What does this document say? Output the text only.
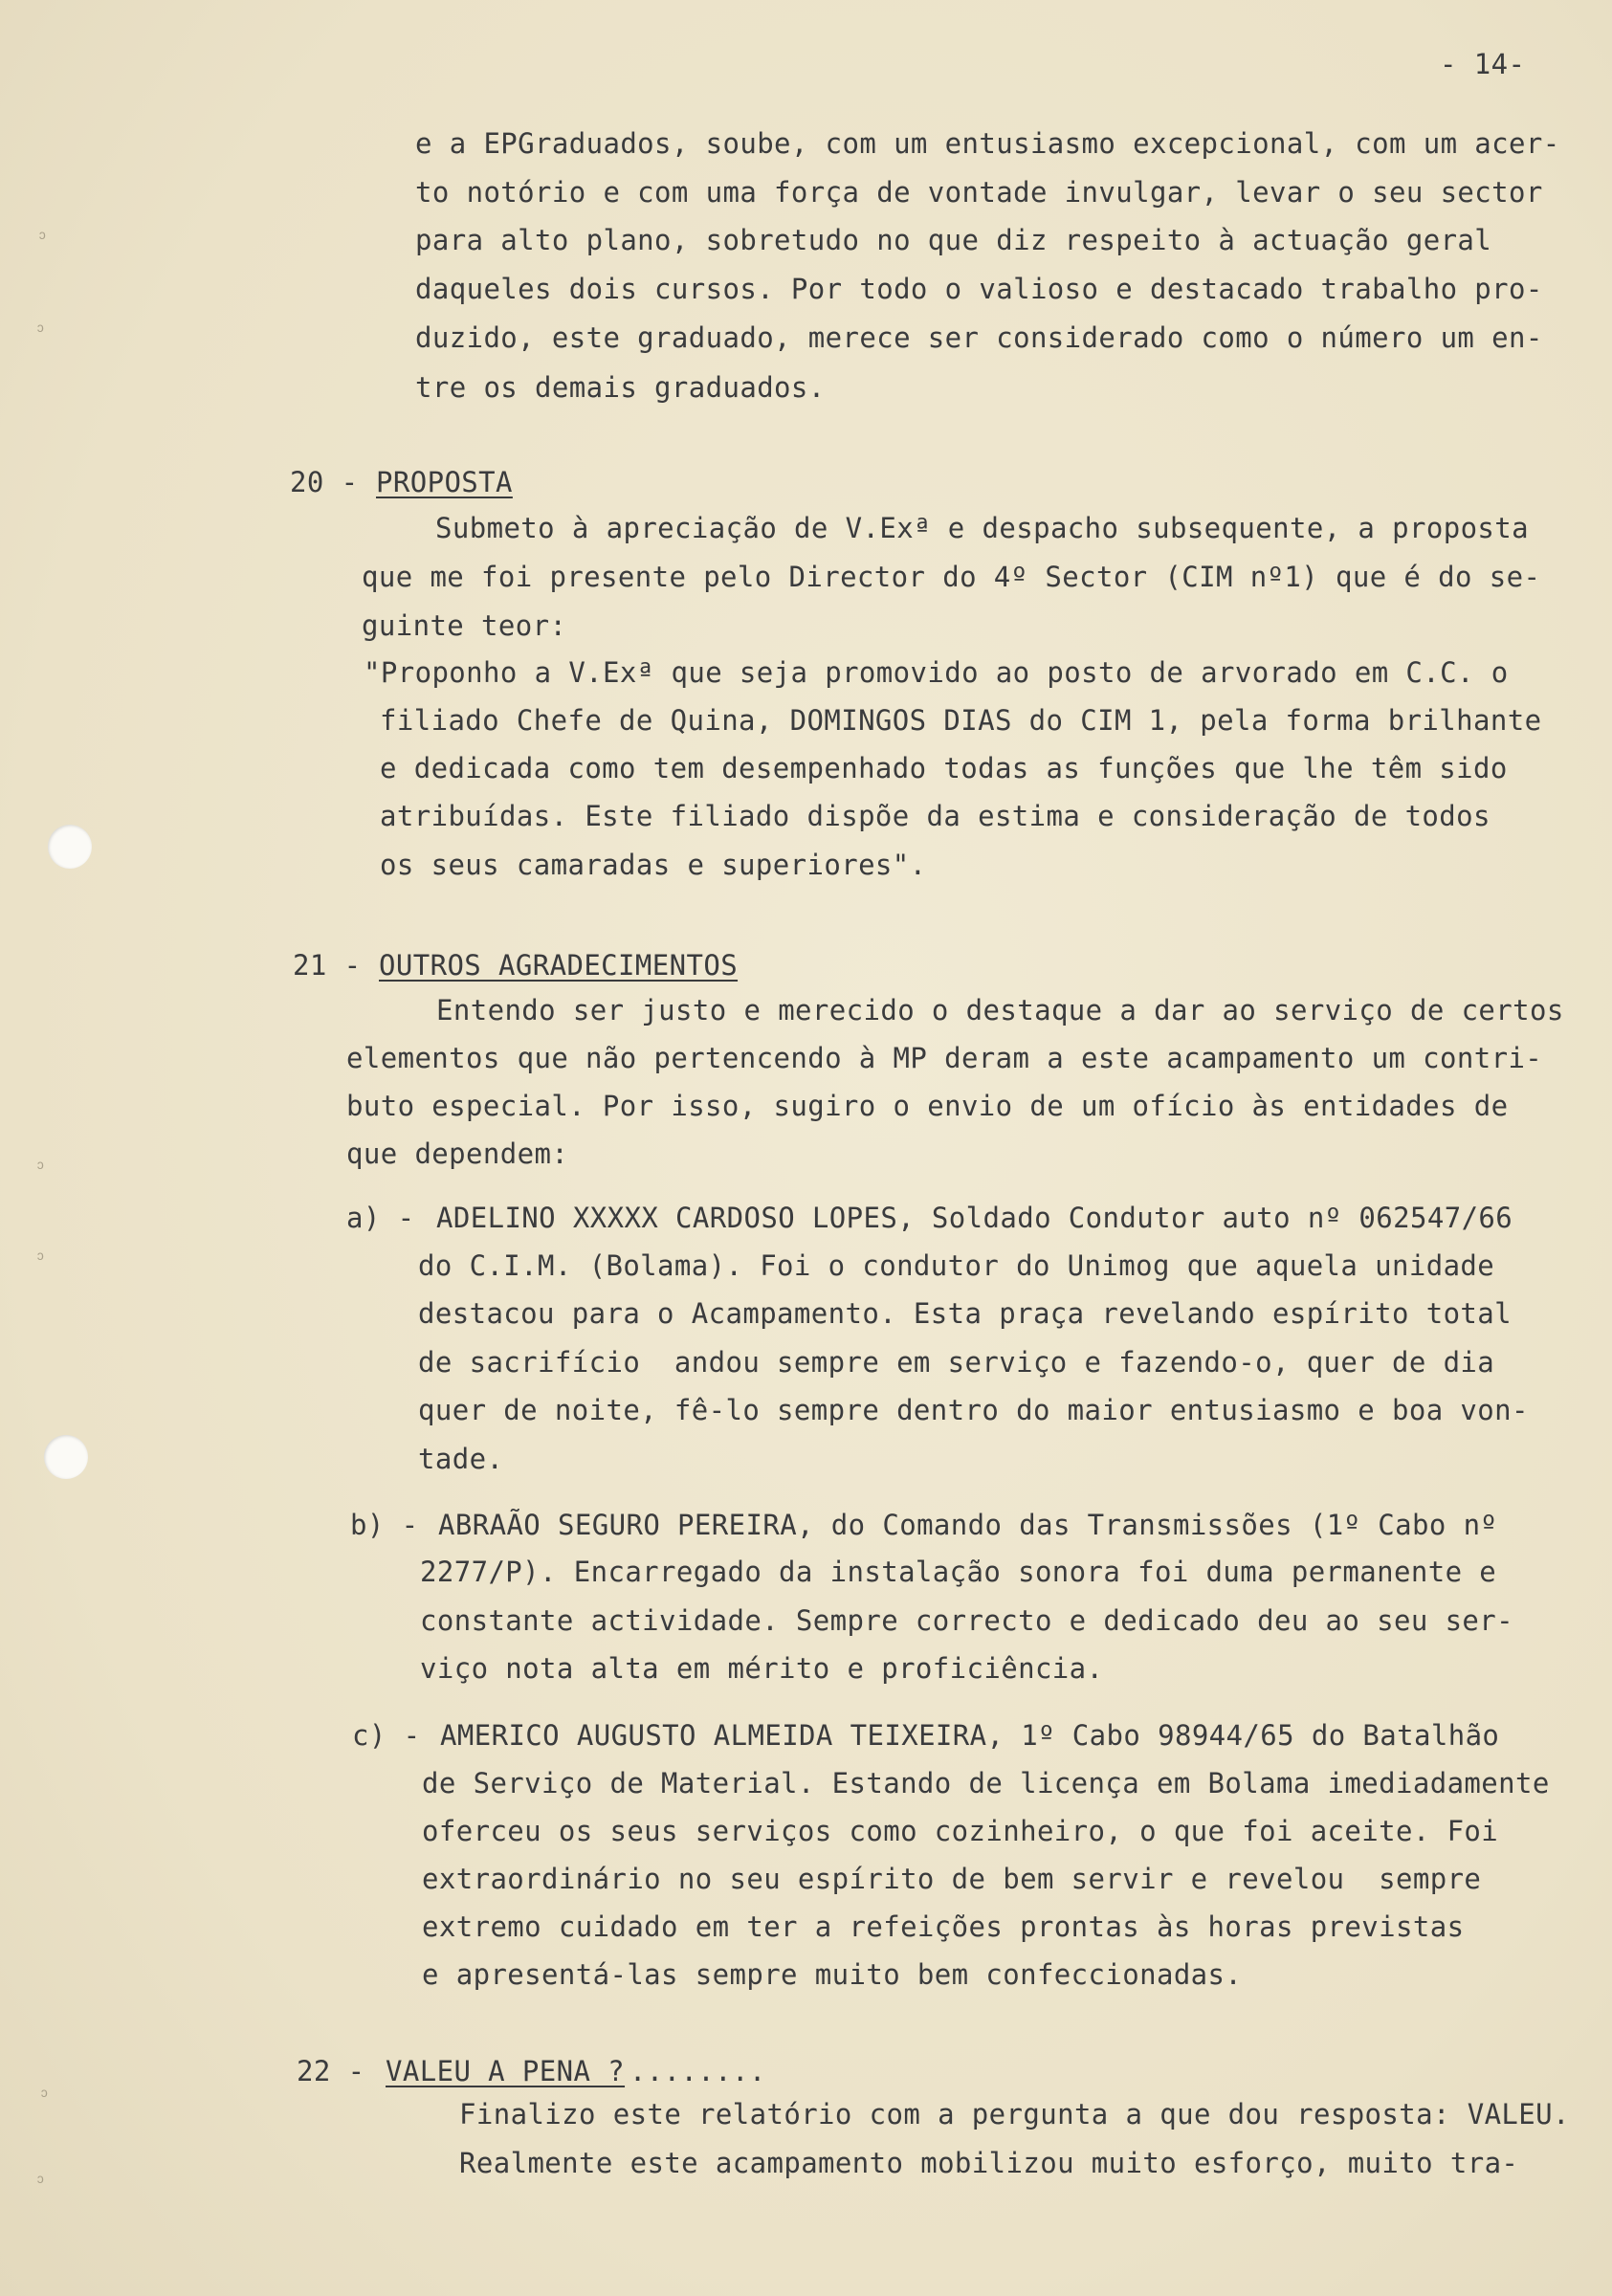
ↄ
ↄ
ↄ
ↄ
ↄ
ↄ
- 14-
e a EPGraduados, soube, com um entusiasmo excepcional, com um acer-
to notório e com uma força de vontade invulgar, levar o seu sector
para alto plano, sobretudo no que diz respeito à actuação geral
daqueles dois cursos. Por todo o valioso e destacado trabalho pro-
duzido, este graduado, merece ser considerado como o número um en-
tre os demais graduados.
20 - PROPOSTA
Submeto à apreciação de V.Exª e despacho subsequente, a proposta
que me foi presente pelo Director do 4º Sector (CIM nº1) que é do se-
guinte teor:
"Proponho a V.Exª que seja promovido ao posto de arvorado em C.C. o
filiado Chefe de Quina, DOMINGOS DIAS do CIM 1, pela forma brilhante
e dedicada como tem desempenhado todas as funções que lhe têm sido
atribuídas. Este filiado dispõe da estima e consideração de todos
os seus camaradas e superiores".
21 - OUTROS AGRADECIMENTOS
Entendo ser justo e merecido o destaque a dar ao serviço de certos
elementos que não pertencendo à MP deram a este acampamento um contri-
buto especial. Por isso, sugiro o envio de um ofício às entidades de
que dependem:
a) - ADELINO XXXXX CARDOSO LOPES, Soldado Condutor auto nº 062547/66
do C.I.M. (Bolama). Foi o condutor do Unimog que aquela unidade
destacou para o Acampamento. Esta praça revelando espírito total
de sacrifício  andou sempre em serviço e fazendo-o, quer de dia
quer de noite, fê-lo sempre dentro do maior entusiasmo e boa von-
tade.
b) - ABRAÃO SEGURO PEREIRA, do Comando das Transmissões (1º Cabo nº
2277/P). Encarregado da instalação sonora foi duma permanente e
constante actividade. Sempre correcto e dedicado deu ao seu ser-
viço nota alta em mérito e proficiência.
c) - AMERICO AUGUSTO ALMEIDA TEIXEIRA, 1º Cabo 98944/65 do Batalhão
de Serviço de Material. Estando de licença em Bolama imediadamente
oferceu os seus serviços como cozinheiro, o que foi aceite. Foi
extraordinário no seu espírito de bem servir e revelou  sempre
extremo cuidado em ter a refeições prontas às horas previstas
e apresentá-las sempre muito bem confeccionadas.
22 - VALEU A PENA ?
........
Finalizo este relatório com a pergunta a que dou resposta: VALEU.
Realmente este acampamento mobilizou muito esforço, muito tra-
